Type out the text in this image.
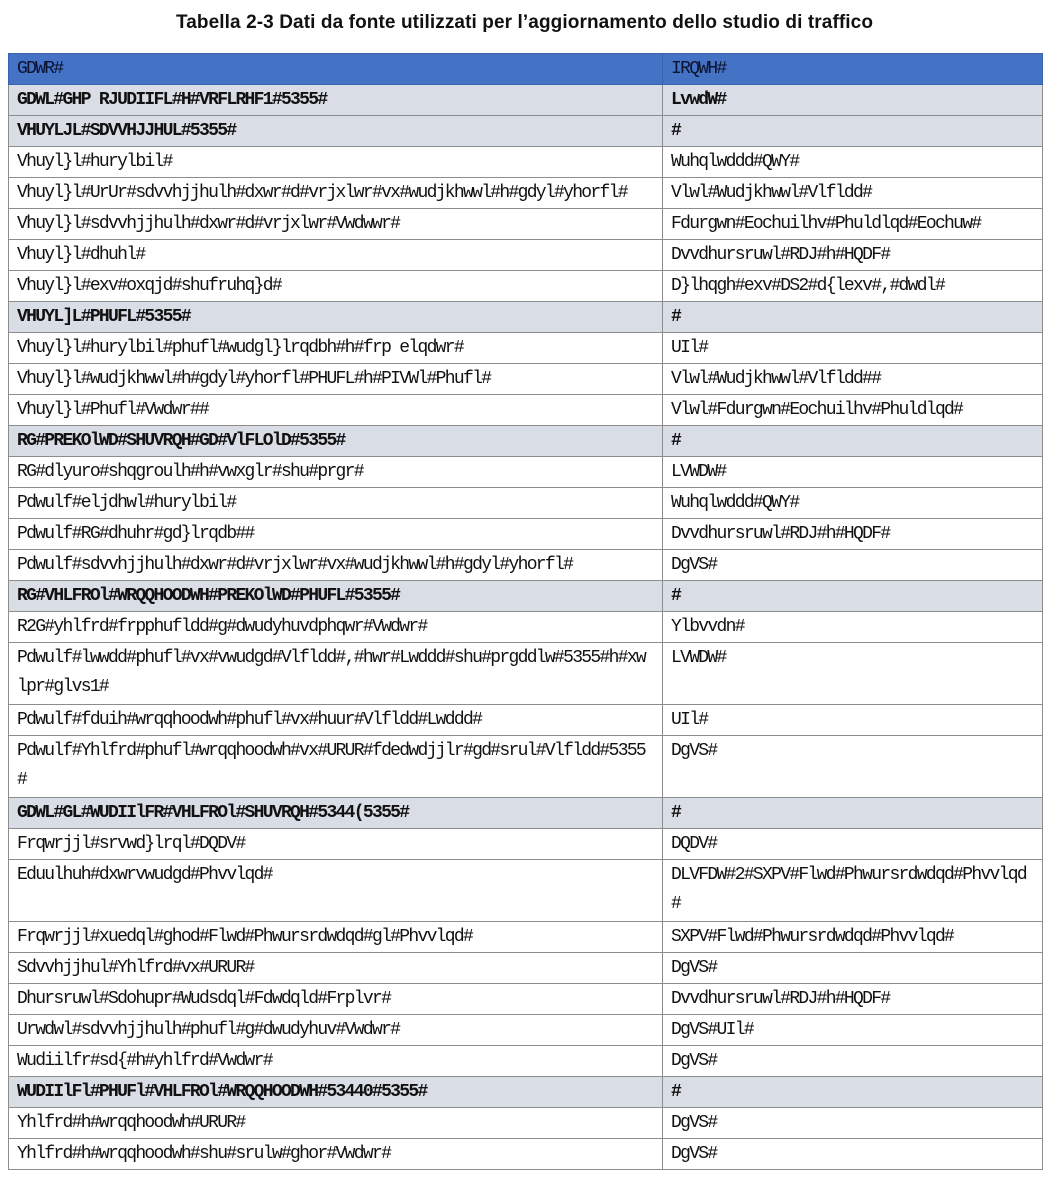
Tabella 2-3 Dati da fonte utilizzati per l’aggiornamento dello studio di traffico
GDWR#	IRQWH#
GDWL#GHP RJUDIIFL#H#VRFLRHF1#5355#	LvwdW#
VHUYLJL#SDVVHJJHUL#5355#	#
Vhuyl}l#hurylbil#	Wuhqlwddd#QWY#
Vhuyl}l#UrUr#sdvvhjjhulh#dxwr#d#vrjxlwr#vx#wudjkhwwl#h#gdyl#yhorfl#	Vlwl#Wudjkhwwl#Vlfldd#
Vhuyl}l#sdvvhjjhulh#dxwr#d#vrjxlwr#Vwdwwr#	Fdurgwn#Eochuilhv#Phuldlqd#Eochuw#
Vhuyl}l#dhuhl#	Dvvdhursruwl#RDJ#h#HQDF#
Vhuyl}l#exv#oxqjd#shufruhq}d#	D}lhqgh#exv#DS2#d{lexv#,#dwdl#
VHUYL]L#PHUFL#5355#	#
Vhuyl}l#hurylbil#phufl#wudgl}lrqdbh#h#frp elqdwr#	UIl#
Vhuyl}l#wudjkhwwl#h#gdyl#yhorfl#PHUFL#h#PIVWl#Phufl#	Vlwl#Wudjkhwwl#Vlfldd##
Vhuyl}l#Phufl#Vwdwr##	Vlwl#Fdurgwn#Eochuilhv#Phuldlqd#
RG#PREKOlWD#SHUVRQH#GD#VlFLOlD#5355#	#
RG#dlyuro#shqgroulh#h#vwxglr#shu#prgr#	LVWDW#
Pdwulf#eljdhwl#hurylbil#	Wuhqlwddd#QWY#
Pdwulf#RG#dhuhr#gd}lrqdb##	Dvvdhursruwl#RDJ#h#HQDF#
Pdwulf#sdvvhjjhulh#dxwr#d#vrjxlwr#vx#wudjkhwwl#h#gdyl#yhorfl#	DgVS#
RG#VHLFROl#WRQQHOODWH#PREKOlWD#PHUFL#5355#	#
R2G#yhlfrd#frpphufldd#g#dwudyhuvdphqwr#Vwdwr#	Ylbvvdn#
Pdwulf#lwwdd#phufl#vx#vwudgd#Vlfldd#,#hwr#Lwddd#shu#prgddlw#5355#h#xwlpr#glvs1#	LVWDW#
Pdwulf#fduih#wrqqhoodwh#phufl#vx#huur#Vlfldd#Lwddd#	UIl#
Pdwulf#Yhlfrd#phufl#wrqqhoodwh#vx#URUR#fdedwdjjlr#gd#srul#Vlfldd#5355#	DgVS#
GDWL#GL#WUDIIlFR#VHLFROl#SHUVRQH#5344(5355#	#
Frqwrjjl#srvwd}lrql#DQDV#	DQDV#
Eduulhuh#dxwrvwudgd#Phvvlqd#	DLVFDW#2#SXPV#Flwd#Phwursrdwdqd#Phvvlqd#
Frqwrjjl#xuedql#ghod#Flwd#Phwursrdwdqd#gl#Phvvlqd#	SXPV#Flwd#Phwursrdwdqd#Phvvlqd#
Sdvvhjjhul#Yhlfrd#vx#URUR#	DgVS#
Dhursruwl#Sdohupr#Wudsdql#Fdwdqld#Frplvr#	Dvvdhursruwl#RDJ#h#HQDF#
Urwdwl#sdvvhjjhulh#phufl#g#dwudyhuv#Vwdwr#	DgVS#UIl#
Wudiilfr#sd{#h#yhlfrd#Vwdwr#	DgVS#
WUDIIlFl#PHUFl#VHLFROl#WRQQHOODWH#53440#5355#	#
Yhlfrd#h#wrqqhoodwh#URUR#	DgVS#
Yhlfrd#h#wrqqhoodwh#shu#srulw#ghor#Vwdwr#	DgVS#
